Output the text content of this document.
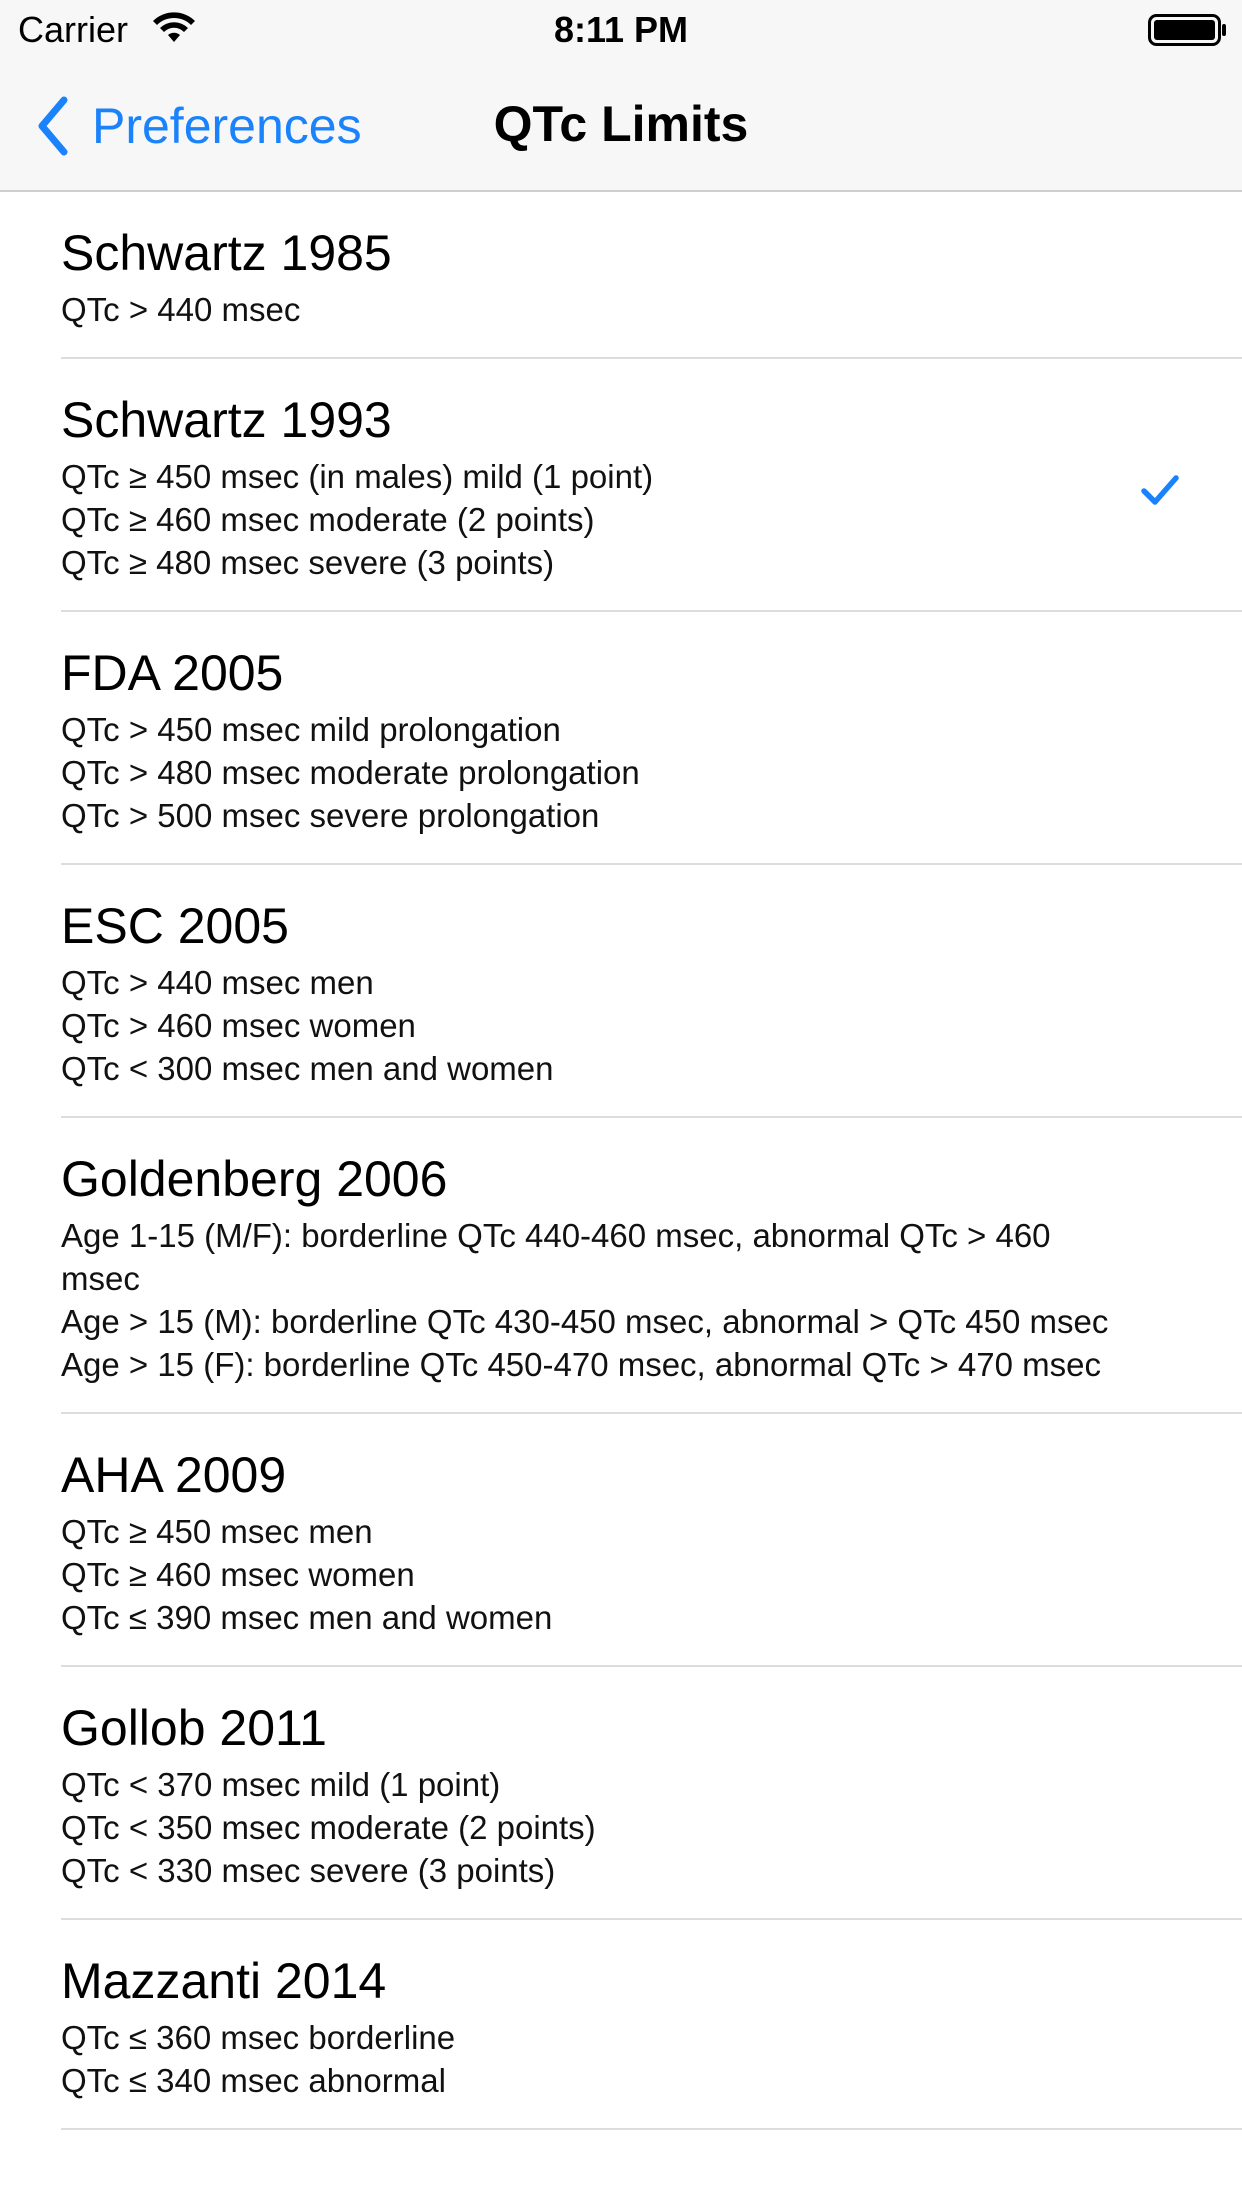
Carrier	8:11 PM
Preferences	QTc Limits
Schwartz 1985
QTc > 440 msec
Schwartz 1993
QTc ≥ 450 msec (in males) mild (1 point)
QTc ≥ 460 msec moderate (2 points)
QTc ≥ 480 msec severe (3 points)
FDA 2005
QTc > 450 msec mild prolongation
QTc > 480 msec moderate prolongation
QTc > 500 msec severe prolongation
ESC 2005
QTc > 440 msec men
QTc > 460 msec women
QTc < 300 msec men and women
Goldenberg 2006
Age 1-15 (M/F): borderline QTc 440-460 msec, abnormal QTc > 460 msec
Age > 15 (M): borderline QTc 430-450 msec, abnormal > QTc 450 msec
Age > 15 (F): borderline QTc 450-470 msec, abnormal QTc > 470 msec
AHA 2009
QTc ≥ 450 msec men
QTc ≥ 460 msec women
QTc ≤ 390 msec men and women
Gollob 2011
QTc < 370 msec mild (1 point)
QTc < 350 msec moderate (2 points)
QTc < 330 msec severe (3 points)
Mazzanti 2014
QTc ≤ 360 msec borderline
QTc ≤ 340 msec abnormal
